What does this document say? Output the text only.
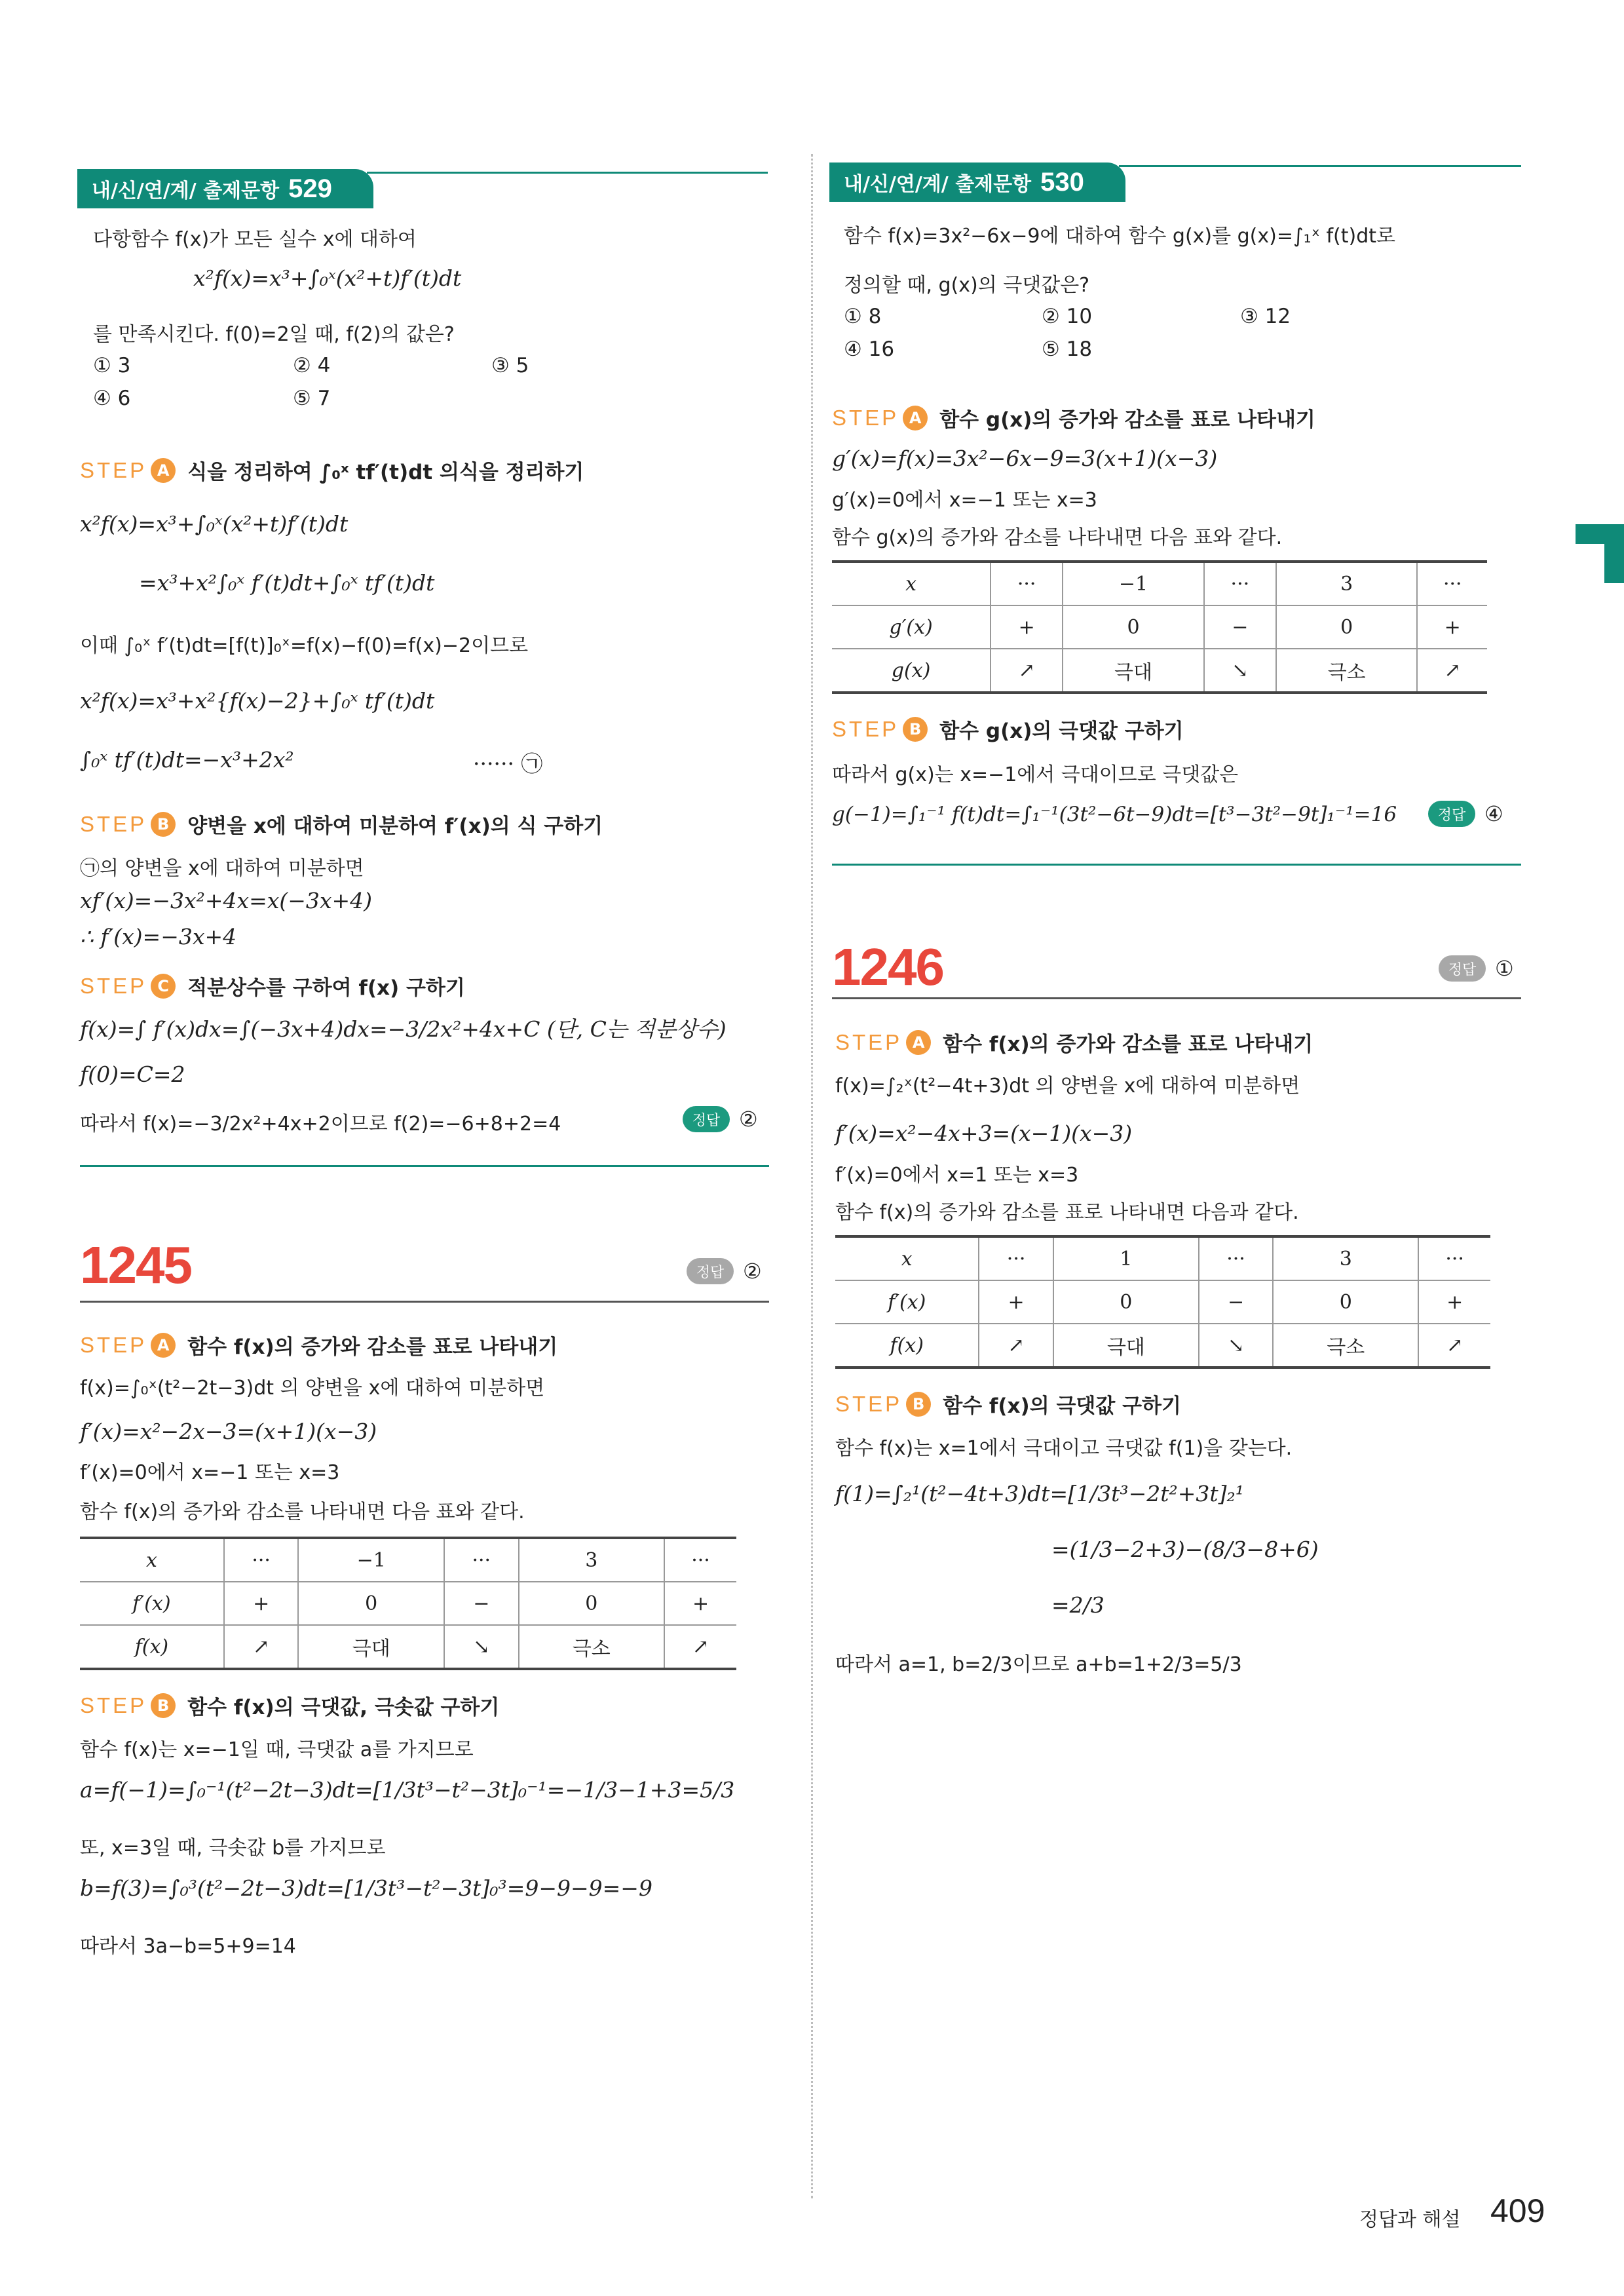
내/신/연/계/ 출제문항 529
다항함수 f(x)가 모든 실수 x에 대하여
x²f(x)=x³+∫₀ˣ(x²+t)f′(t)dt
를 만족시킨다. f(0)=2일 때, f(2)의 값은?
① 3	② 4	③ 5
④ 6	⑤ 7
STEP A 식을 정리하여 ∫₀ˣ tf′(t)dt 의식을 정리하기
x²f(x)=x³+∫₀ˣ(x²+t)f′(t)dt
=x³+x²∫₀ˣ f′(t)dt+∫₀ˣ tf′(t)dt
이때 ∫₀ˣ f′(t)dt=[f(t)]₀ˣ=f(x)−f(0)=f(x)−2이므로
x²f(x)=x³+x²{f(x)−2}+∫₀ˣ tf′(t)dt
∫₀ˣ tf′(t)dt=−x³+2x²	······ ㉠
STEP B 양변을 x에 대하여 미분하여 f′(x)의 식 구하기
㉠의 양변을 x에 대하여 미분하면
xf′(x)=−3x²+4x=x(−3x+4)
∴ f′(x)=−3x+4
STEP C 적분상수를 구하여 f(x) 구하기
f(x)=∫ f′(x)dx=∫(−3x+4)dx=−3/2x²+4x+C (단, C는 적분상수)
f(0)=C=2
따라서 f(x)=−3/2x²+4x+2이므로 f(2)=−6+8+2=4	정답 ②
1245	정답 ②
STEP A 함수 f(x)의 증가와 감소를 표로 나타내기
f(x)=∫₀ˣ(t²−2t−3)dt 의 양변을 x에 대하여 미분하면
f′(x)=x²−2x−3=(x+1)(x−3)
f′(x)=0에서 x=−1 또는 x=3
함수 f(x)의 증가와 감소를 나타내면 다음 표와 같다.
x	···	−1	···	3	···
f′(x)	+	0	−	0	+
f(x)	↗	극대	↘	극소	↗
STEP B 함수 f(x)의 극댓값, 극솟값 구하기
함수 f(x)는 x=−1일 때, 극댓값 a를 가지므로
a=f(−1)=∫₀⁻¹(t²−2t−3)dt=[1/3t³−t²−3t]₀⁻¹=−1/3−1+3=5/3
또, x=3일 때, 극솟값 b를 가지므로
b=f(3)=∫₀³(t²−2t−3)dt=[1/3t³−t²−3t]₀³=9−9−9=−9
따라서 3a−b=5+9=14
내/신/연/계/ 출제문항 530
함수 f(x)=3x²−6x−9에 대하여 함수 g(x)를 g(x)=∫₁ˣ f(t)dt로
정의할 때, g(x)의 극댓값은?
① 8	② 10	③ 12
④ 16	⑤ 18
STEP A 함수 g(x)의 증가와 감소를 표로 나타내기
g′(x)=f(x)=3x²−6x−9=3(x+1)(x−3)
g′(x)=0에서 x=−1 또는 x=3
함수 g(x)의 증가와 감소를 나타내면 다음 표와 같다.
x	···	−1	···	3	···
g′(x)	+	0	−	0	+
g(x)	↗	극대	↘	극소	↗
STEP B 함수 g(x)의 극댓값 구하기
따라서 g(x)는 x=−1에서 극대이므로 극댓값은
g(−1)=∫₁⁻¹ f(t)dt=∫₁⁻¹(3t²−6t−9)dt=[t³−3t²−9t]₁⁻¹=16	정답 ④
1246	정답 ①
STEP A 함수 f(x)의 증가와 감소를 표로 나타내기
f(x)=∫₂ˣ(t²−4t+3)dt 의 양변을 x에 대하여 미분하면
f′(x)=x²−4x+3=(x−1)(x−3)
f′(x)=0에서 x=1 또는 x=3
함수 f(x)의 증가와 감소를 표로 나타내면 다음과 같다.
x	···	1	···	3	···
f′(x)	+	0	−	0	+
f(x)	↗	극대	↘	극소	↗
STEP B 함수 f(x)의 극댓값 구하기
함수 f(x)는 x=1에서 극대이고 극댓값 f(1)을 갖는다.
f(1)=∫₂¹(t²−4t+3)dt=[1/3t³−2t²+3t]₂¹
=(1/3−2+3)−(8/3−8+6)
=2/3
따라서 a=1, b=2/3이므로 a+b=1+2/3=5/3
정답과 해설 409
